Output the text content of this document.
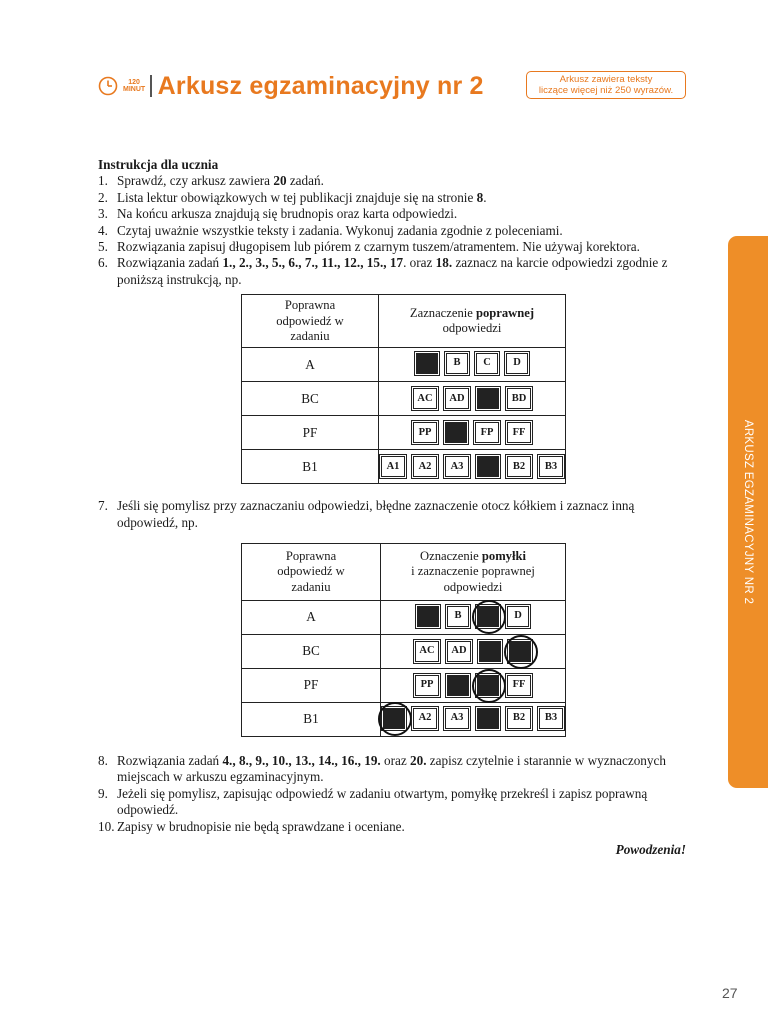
120
MINUT Arkusz egzaminacyjny nr 2	Arkusz zawiera teksty
liczące więcej niż 250 wyrazów.
ARKUSZ EGZAMINACYJNY NR 2
Instrukcja dla ucznia
1. Sprawdź, czy arkusz zawiera 20 zadań.
2. Lista lektur obowiązkowych w tej publikacji znajduje się na stronie 8.
3. Na końcu arkusza znajdują się brudnopis oraz karta odpowiedzi.
4. Czytaj uważnie wszystkie teksty i zadania. Wykonuj zadania zgodnie z poleceniami.
5. Rozwiązania zapisuj długopisem lub piórem z czarnym tuszem/atramentem. Nie używaj korektora.
6. Rozwiązania zadań 1., 2., 3., 5., 6., 7., 11., 12., 15., 17. oraz 18. zaznacz na karcie odpowiedzi zgodnie z poniższą instrukcją, np.
Poprawna odpowiedź w zadaniu	Zaznaczenie poprawnej
odpowiedzi
A	B C D

BC	AC AD BD

PF	PP FP FF

B1	A1 A2 A3 B2 B3
7. Jeśli się pomylisz przy zaznaczaniu odpowiedzi, błędne zaznaczenie otocz kółkiem i zaznacz inną odpowiedź, np.
Poprawna odpowiedź w zadaniu	Oznaczenie pomyłki
i zaznaczenie poprawnej odpowiedzi
A	B D

BC	AC AD

PF	PP FF

B1	A2 A3 B2 B3
8. Rozwiązania zadań 4., 8., 9., 10., 13., 14., 16., 19. oraz 20. zapisz czytelnie i starannie w wyznaczonych miejscach w arkuszu egzaminacyjnym.
9. Jeżeli się pomylisz, zapisując odpowiedź w zadaniu otwartym, pomyłkę przekreśl i zapisz poprawną odpowiedź.
10. Zapisy w brudnopisie nie będą sprawdzane i oceniane.
Powodzenia!
27
